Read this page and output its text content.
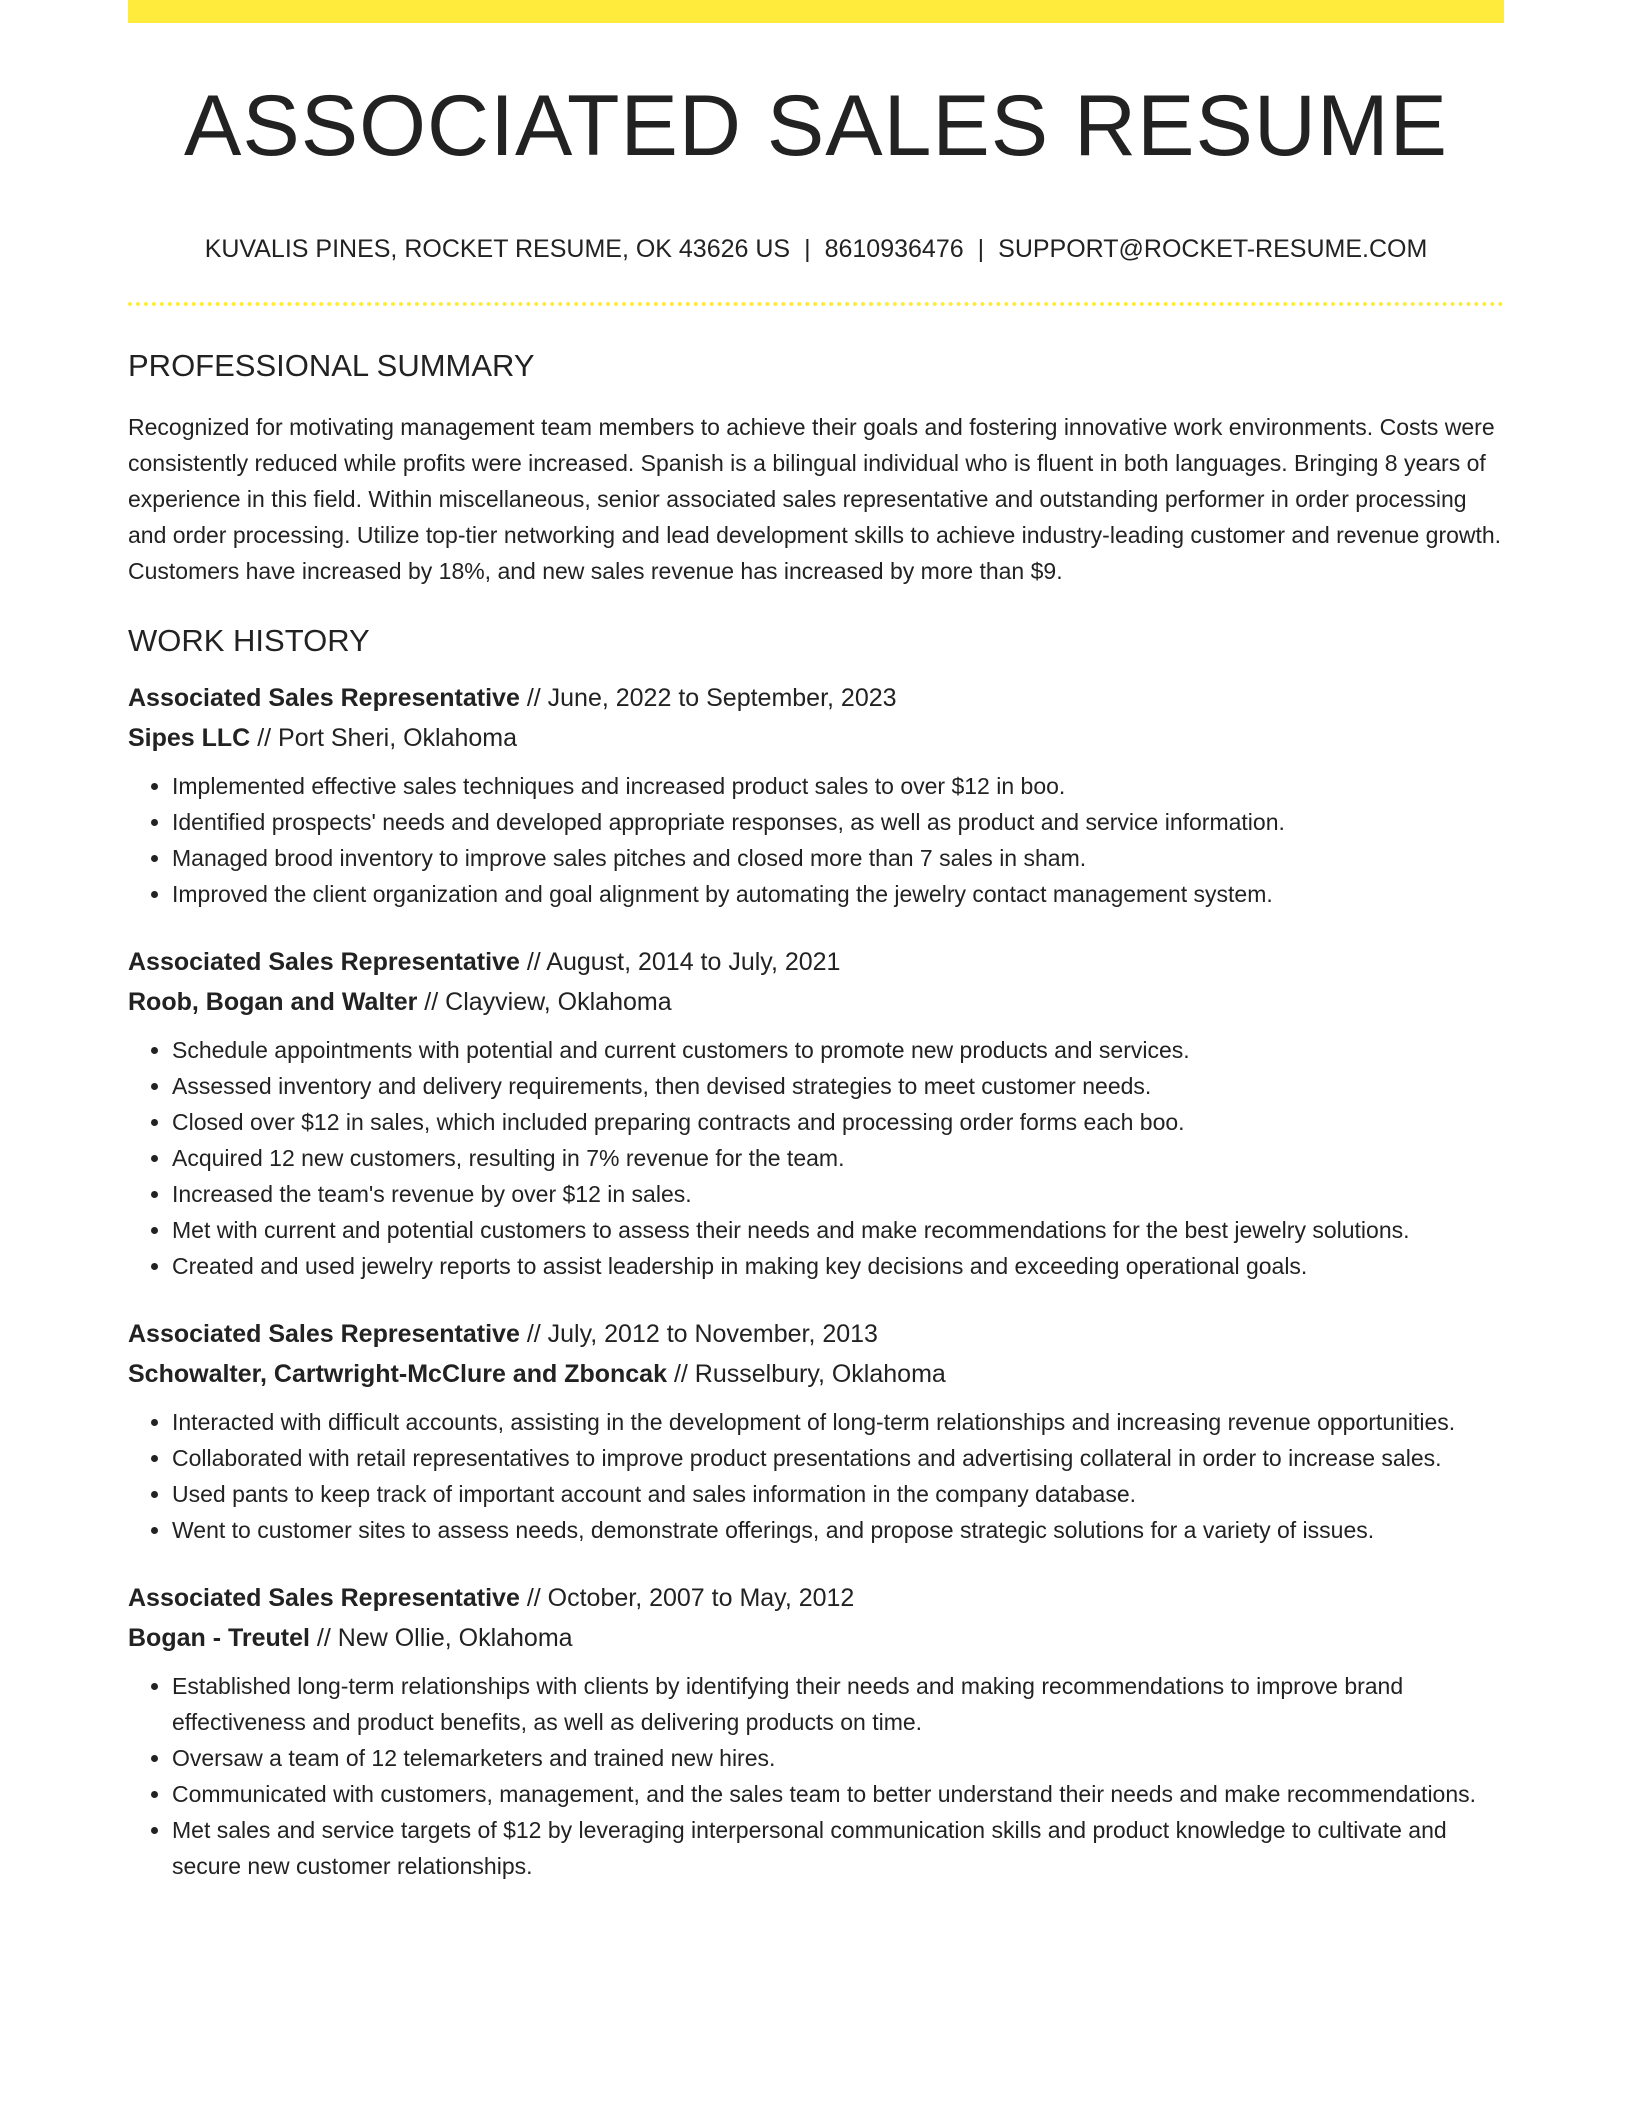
ASSOCIATED SALES RESUME
KUVALIS PINES, ROCKET RESUME, OK 43626 US | 8610936476 | SUPPORT@ROCKET-RESUME.COM
PROFESSIONAL SUMMARY
Recognized for motivating management team members to achieve their goals and fostering innovative work environments. Costs were consistently reduced while profits were increased. Spanish is a bilingual individual who is fluent in both languages. Bringing 8 years of experience in this field. Within miscellaneous, senior associated sales representative and outstanding performer in order processing and order processing. Utilize top-tier networking and lead development skills to achieve industry-leading customer and revenue growth. Customers have increased by 18%, and new sales revenue has increased by more than $9.
WORK HISTORY
Associated Sales Representative // June, 2022 to September, 2023
Sipes LLC // Port Sheri, Oklahoma
• Implemented effective sales techniques and increased product sales to over $12 in boo.
• Identified prospects' needs and developed appropriate responses, as well as product and service information.
• Managed brood inventory to improve sales pitches and closed more than 7 sales in sham.
• Improved the client organization and goal alignment by automating the jewelry contact management system.
Associated Sales Representative // August, 2014 to July, 2021
Roob, Bogan and Walter // Clayview, Oklahoma
• Schedule appointments with potential and current customers to promote new products and services.
• Assessed inventory and delivery requirements, then devised strategies to meet customer needs.
• Closed over $12 in sales, which included preparing contracts and processing order forms each boo.
• Acquired 12 new customers, resulting in 7% revenue for the team.
• Increased the team's revenue by over $12 in sales.
• Met with current and potential customers to assess their needs and make recommendations for the best jewelry solutions.
• Created and used jewelry reports to assist leadership in making key decisions and exceeding operational goals.
Associated Sales Representative // July, 2012 to November, 2013
Schowalter, Cartwright-McClure and Zboncak // Russelbury, Oklahoma
• Interacted with difficult accounts, assisting in the development of long-term relationships and increasing revenue opportunities.
• Collaborated with retail representatives to improve product presentations and advertising collateral in order to increase sales.
• Used pants to keep track of important account and sales information in the company database.
• Went to customer sites to assess needs, demonstrate offerings, and propose strategic solutions for a variety of issues.
Associated Sales Representative // October, 2007 to May, 2012
Bogan - Treutel // New Ollie, Oklahoma
• Established long-term relationships with clients by identifying their needs and making recommendations to improve brand effectiveness and product benefits, as well as delivering products on time.
• Oversaw a team of 12 telemarketers and trained new hires.
• Communicated with customers, management, and the sales team to better understand their needs and make recommendations.
• Met sales and service targets of $12 by leveraging interpersonal communication skills and product knowledge to cultivate and secure new customer relationships.
